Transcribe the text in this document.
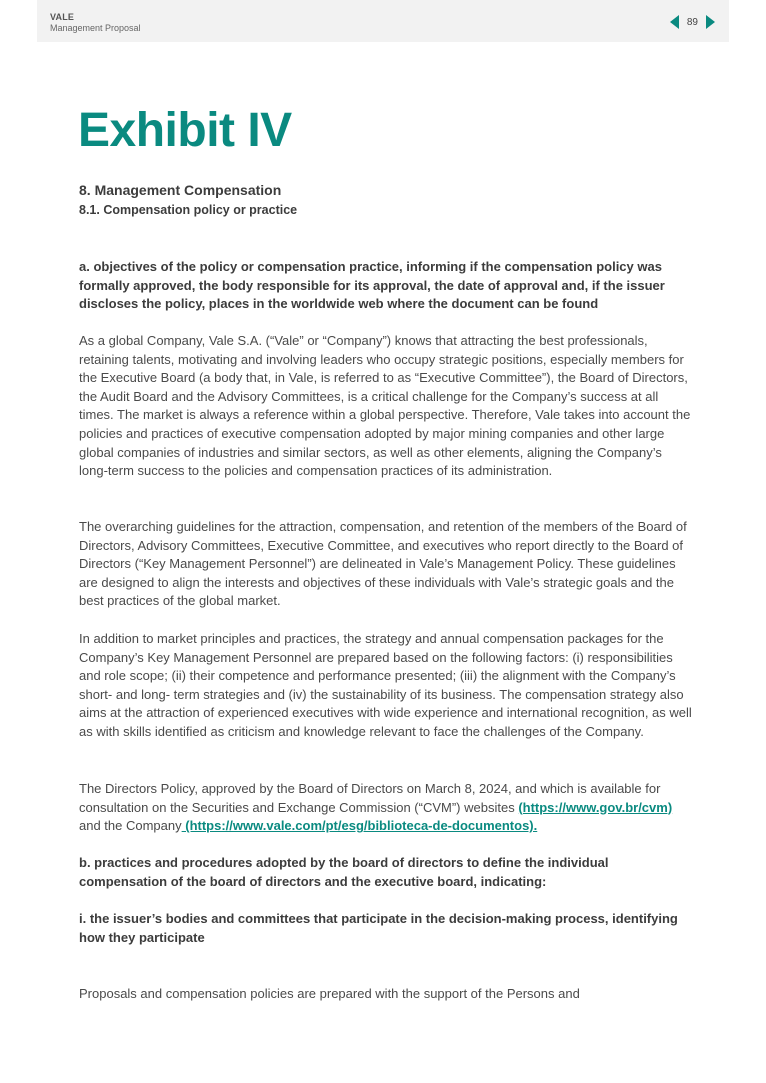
VALE
Management Proposal
89
Exhibit IV
8. Management Compensation
8.1. Compensation policy or practice
a. objectives of the policy or compensation practice, informing if the compensation policy was formally approved, the body responsible for its approval, the date of approval and, if the issuer discloses the policy, places in the worldwide web where the document can be found
As a global Company, Vale S.A. (“Vale” or “Company”) knows that attracting the best professionals, retaining talents, motivating and involving leaders who occupy strategic positions, especially members for the Executive Board (a body that, in Vale, is referred to as “Executive Committee”), the Board of Directors, the Audit Board and the Advisory Committees, is a critical challenge for the Company’s success at all times. The market is always a reference within a global perspective. Therefore, Vale takes into account the policies and practices of executive compensation adopted by major mining companies and other large global companies of industries and similar sectors, as well as other elements, aligning the Company’s long-term success to the policies and compensation practices of its administration.
The overarching guidelines for the attraction, compensation, and retention of the members of the Board of Directors, Advisory Committees, Executive Committee, and executives who report directly to the Board of Directors (“Key Management Personnel”) are delineated in Vale’s Management Policy. These guidelines are designed to align the interests and objectives of these individuals with Vale’s strategic goals and the best practices of the global market.
In addition to market principles and practices, the strategy and annual compensation packages for the Company’s Key Management Personnel are prepared based on the following factors: (i) responsibilities and role scope; (ii) their competence and performance presented; (iii) the alignment with the Company’s short- and long- term strategies and (iv) the sustainability of its business. The compensation strategy also aims at the attraction of experienced executives with wide experience and international recognition, as well as with skills identified as criticism and knowledge relevant to face the challenges of the Company.
The Directors Policy, approved by the Board of Directors on March 8, 2024, and which is available for consultation on the Securities and Exchange Commission (“CVM”) websites (https://www.gov.br/cvm) and the Company (https://www.vale.com/pt/esg/biblioteca-de-documentos).
b. practices and procedures adopted by the board of directors to define the individual compensation of the board of directors and the executive board, indicating:
i. the issuer’s bodies and committees that participate in the decision-making process, identifying how they participate
Proposals and compensation policies are prepared with the support of the Persons and
